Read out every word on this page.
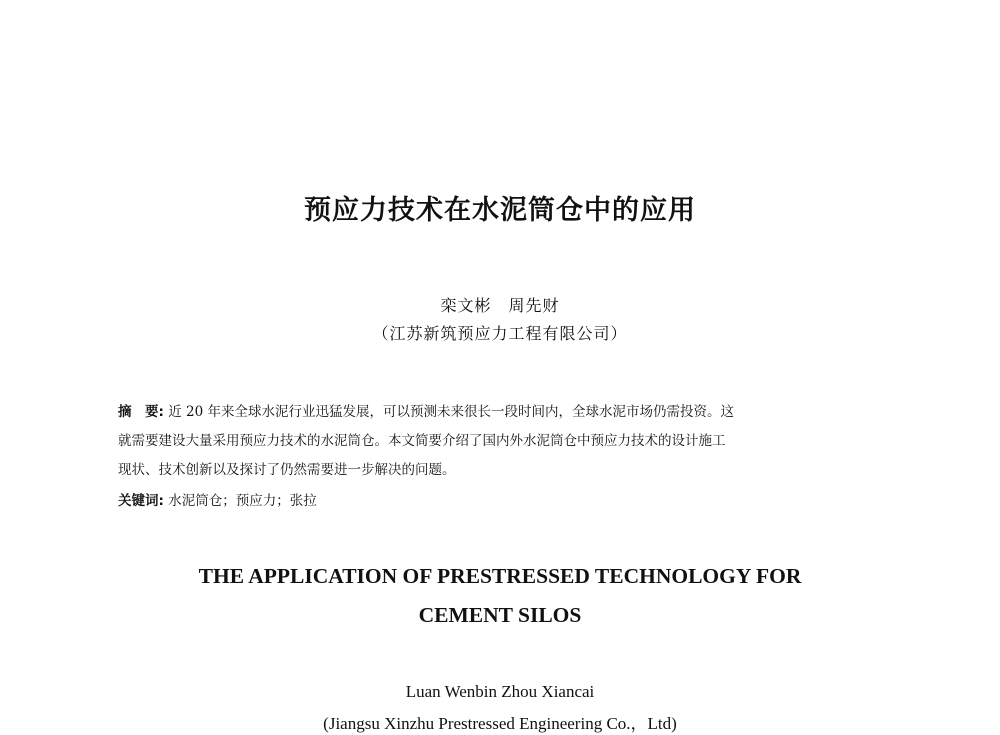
预应力技术在水泥筒仓中的应用
栾文彬　周先财
（江苏新筑预应力工程有限公司）
摘　要: 近 20 年来全球水泥行业迅猛发展，可以预测未来很长一段时间内，全球水泥市场仍需投资。这
就需要建设大量采用预应力技术的水泥筒仓。本文简要介绍了国内外水泥筒仓中预应力技术的设计施工
现状、技术创新以及探讨了仍然需要进一步解决的问题。
关键词: 水泥筒仓；预应力；张拉
THE APPLICATION OF PRESTRESSED TECHNOLOGY FOR
CEMENT SILOS
Luan Wenbin Zhou Xiancai
(Jiangsu Xinzhu Prestressed Engineering Co.，Ltd)
